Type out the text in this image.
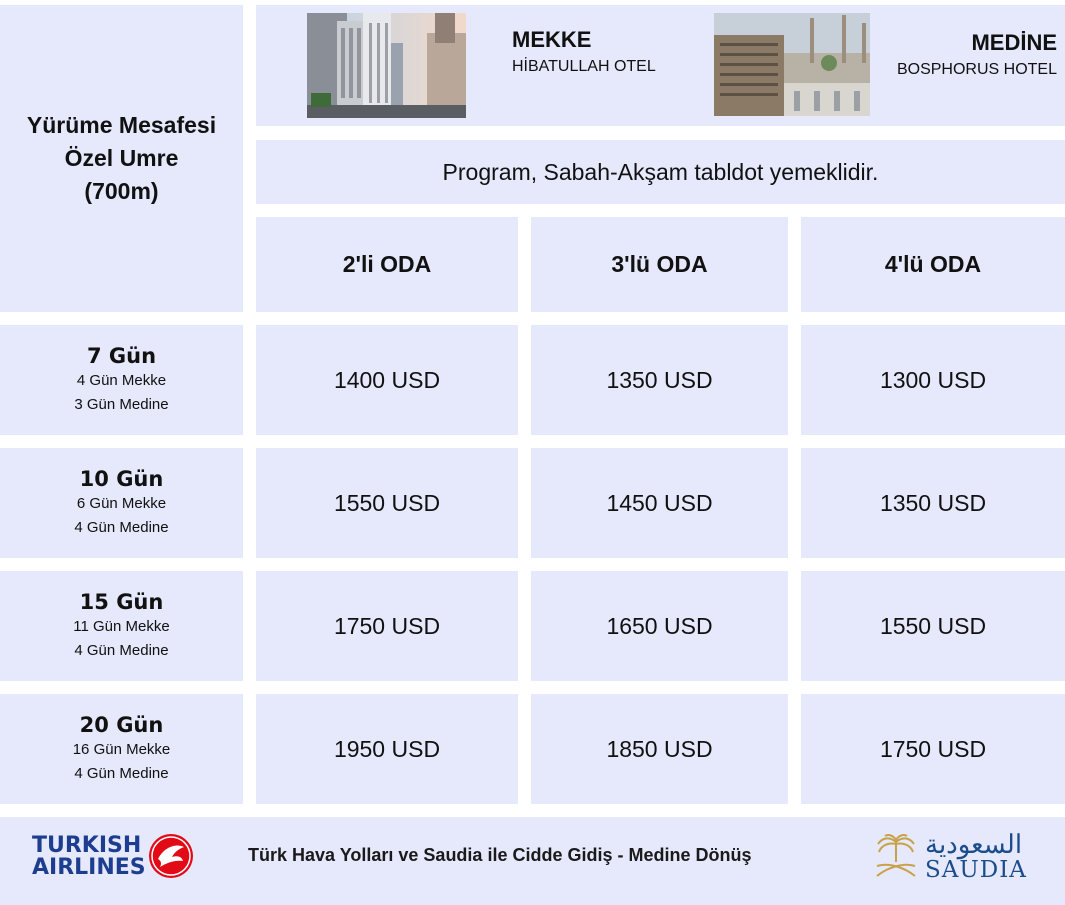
Yürüme Mesafesi
Özel Umre
(700m)
MEKKE
HİBATULLAH OTEL
MEDİNE
BOSPHORUS HOTEL
Program, Sabah-Akşam tabldot yemeklidir.
2'li ODA	3'lü ODA	4'lü ODA
7 Gün
4 Gün Mekke
3 Gün Medine
1400 USD	1350 USD	1300 USD
10 Gün
6 Gün Mekke
4 Gün Medine
1550 USD	1450 USD	1350 USD
15 Gün
11 Gün Mekke
4 Gün Medine
1750 USD	1650 USD	1550 USD
20 Gün
16 Gün Mekke
4 Gün Medine
1950 USD	1850 USD	1750 USD
TURKISH
AIRLINES	Türk Hava Yolları ve Saudia ile Cidde Gidiş - Medine Dönüş	السعودية
SAUDIA
